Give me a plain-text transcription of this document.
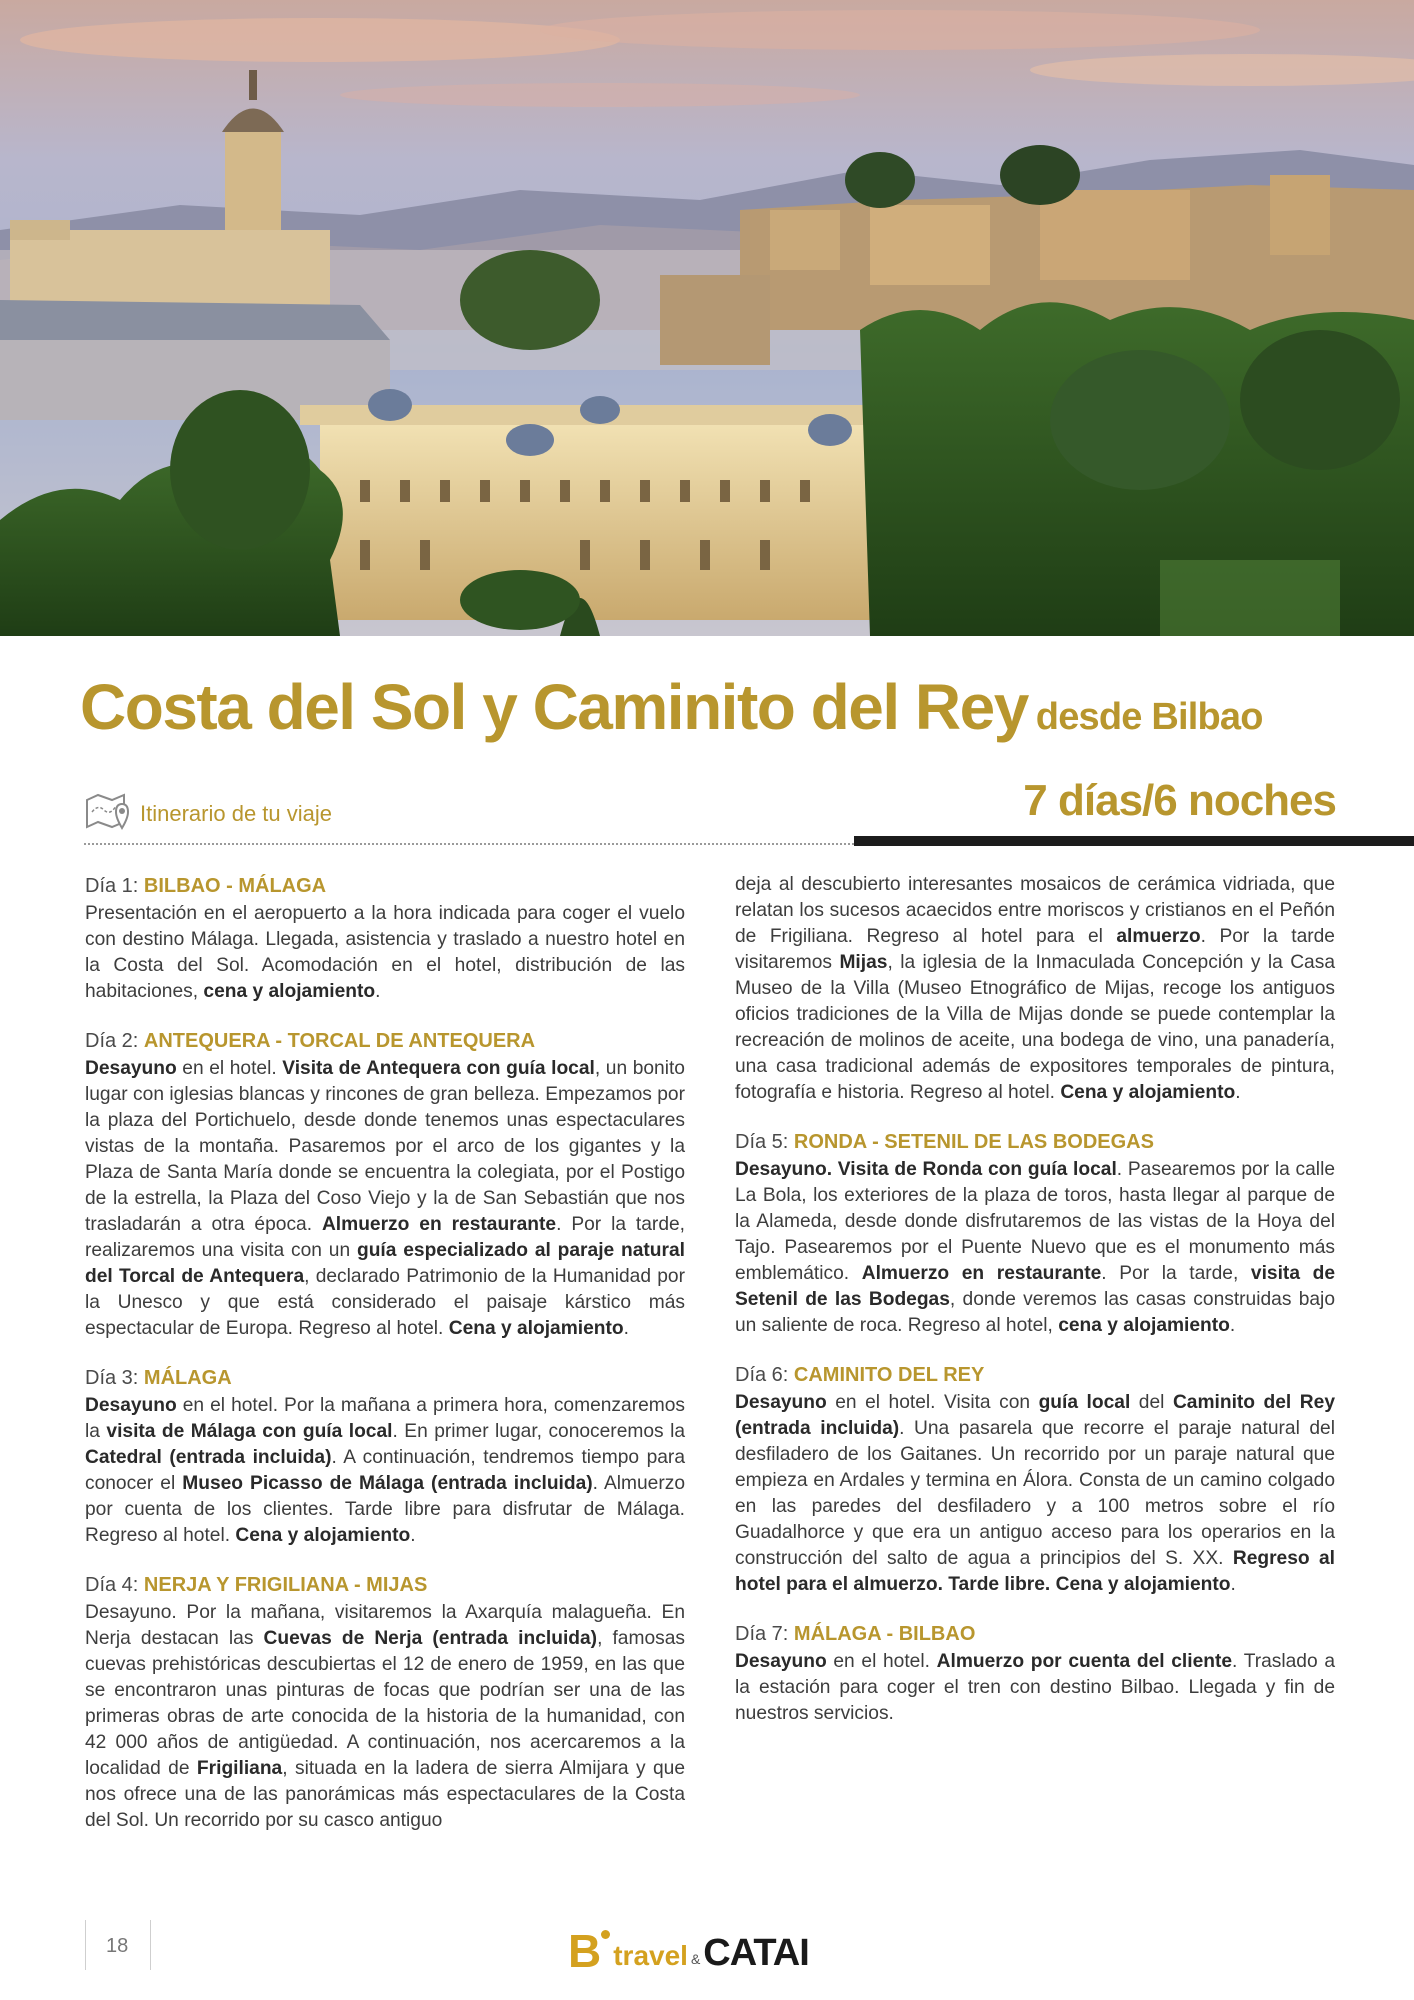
Costa del Sol y Caminito del Rey desde Bilbao
Itinerario de tu viaje	7 días/6 noches
Día 1: BILBAO - MÁLAGA
Presentación en el aeropuerto a la hora indicada para coger el vuelo con destino Málaga. Llegada, asistencia y traslado a nuestro hotel en la Costa del Sol. Acomodación en el hotel, distribución de las habitaciones, cena y alojamiento.
Día 2: ANTEQUERA - TORCAL DE ANTEQUERA
Desayuno en el hotel. Visita de Antequera con guía local, un bonito lugar con iglesias blancas y rincones de gran belleza. Empezamos por la plaza del Portichuelo, desde donde tenemos unas espectaculares vistas de la montaña. Pasaremos por el arco de los gigantes y la Plaza de Santa María donde se encuentra la colegiata, por el Postigo de la estrella, la Plaza del Coso Viejo y la de San Sebastián que nos trasladarán a otra época. Almuerzo en restaurante. Por la tarde, realizaremos una visita con un guía especializado al paraje natural del Torcal de Antequera, declarado Patrimonio de la Humanidad por la Unesco y que está considerado el paisaje kárstico más espectacular de Europa. Regreso al hotel. Cena y alojamiento.
Día 3: MÁLAGA
Desayuno en el hotel. Por la mañana a primera hora, comenzaremos la visita de Málaga con guía local. En primer lugar, conoceremos la Catedral (entrada incluida). A continuación, tendremos tiempo para conocer el Museo Picasso de Málaga (entrada incluida). Almuerzo por cuenta de los clientes. Tarde libre para disfrutar de Málaga. Regreso al hotel. Cena y alojamiento.
Día 4: NERJA Y FRIGILIANA - MIJAS
Desayuno. Por la mañana, visitaremos la Axarquía malagueña. En Nerja destacan las Cuevas de Nerja (entrada incluida), famosas cuevas prehistóricas descubiertas el 12 de enero de 1959, en las que se encontraron unas pinturas de focas que podrían ser una de las primeras obras de arte conocida de la historia de la humanidad, con 42 000 años de antigüedad. A continuación, nos acercaremos a la localidad de Frigiliana, situada en la ladera de sierra Almijara y que nos ofrece una de las panorámicas más espectaculares de la Costa del Sol. Un recorrido por su casco antiguo
deja al descubierto interesantes mosaicos de cerámica vidriada, que relatan los sucesos acaecidos entre moriscos y cristianos en el Peñón de Frigiliana. Regreso al hotel para el almuerzo. Por la tarde visitaremos Mijas, la iglesia de la Inmaculada Concepción y la Casa Museo de la Villa (Museo Etnográfico de Mijas, recoge los antiguos oficios tradiciones de la Villa de Mijas donde se puede contemplar la recreación de molinos de aceite, una bodega de vino, una panadería, una casa tradicional además de expositores temporales de pintura, fotografía e historia. Regreso al hotel. Cena y alojamiento.
Día 5: RONDA - SETENIL DE LAS BODEGAS
Desayuno. Visita de Ronda con guía local. Pasearemos por la calle La Bola, los exteriores de la plaza de toros, hasta llegar al parque de la Alameda, desde donde disfrutaremos de las vistas de la Hoya del Tajo. Pasearemos por el Puente Nuevo que es el monumento más emblemático. Almuerzo en restaurante. Por la tarde, visita de Setenil de las Bodegas, donde veremos las casas construidas bajo un saliente de roca. Regreso al hotel, cena y alojamiento.
Día 6: CAMINITO DEL REY
Desayuno en el hotel. Visita con guía local del Caminito del Rey (entrada incluida). Una pasarela que recorre el paraje natural del desfiladero de los Gaitanes. Un recorrido por un paraje natural que empieza en Ardales y termina en Álora. Consta de un camino colgado en las paredes del desfiladero y a 100 metros sobre el río Guadalhorce y que era un antiguo acceso para los operarios en la construcción del salto de agua a principios del S. XX. Regreso al hotel para el almuerzo. Tarde libre. Cena y alojamiento.
Día 7: MÁLAGA - BILBAO
Desayuno en el hotel. Almuerzo por cuenta del cliente. Traslado a la estación para coger el tren con destino Bilbao. Llegada y fin de nuestros servicios.
18	B travel & CATAI
